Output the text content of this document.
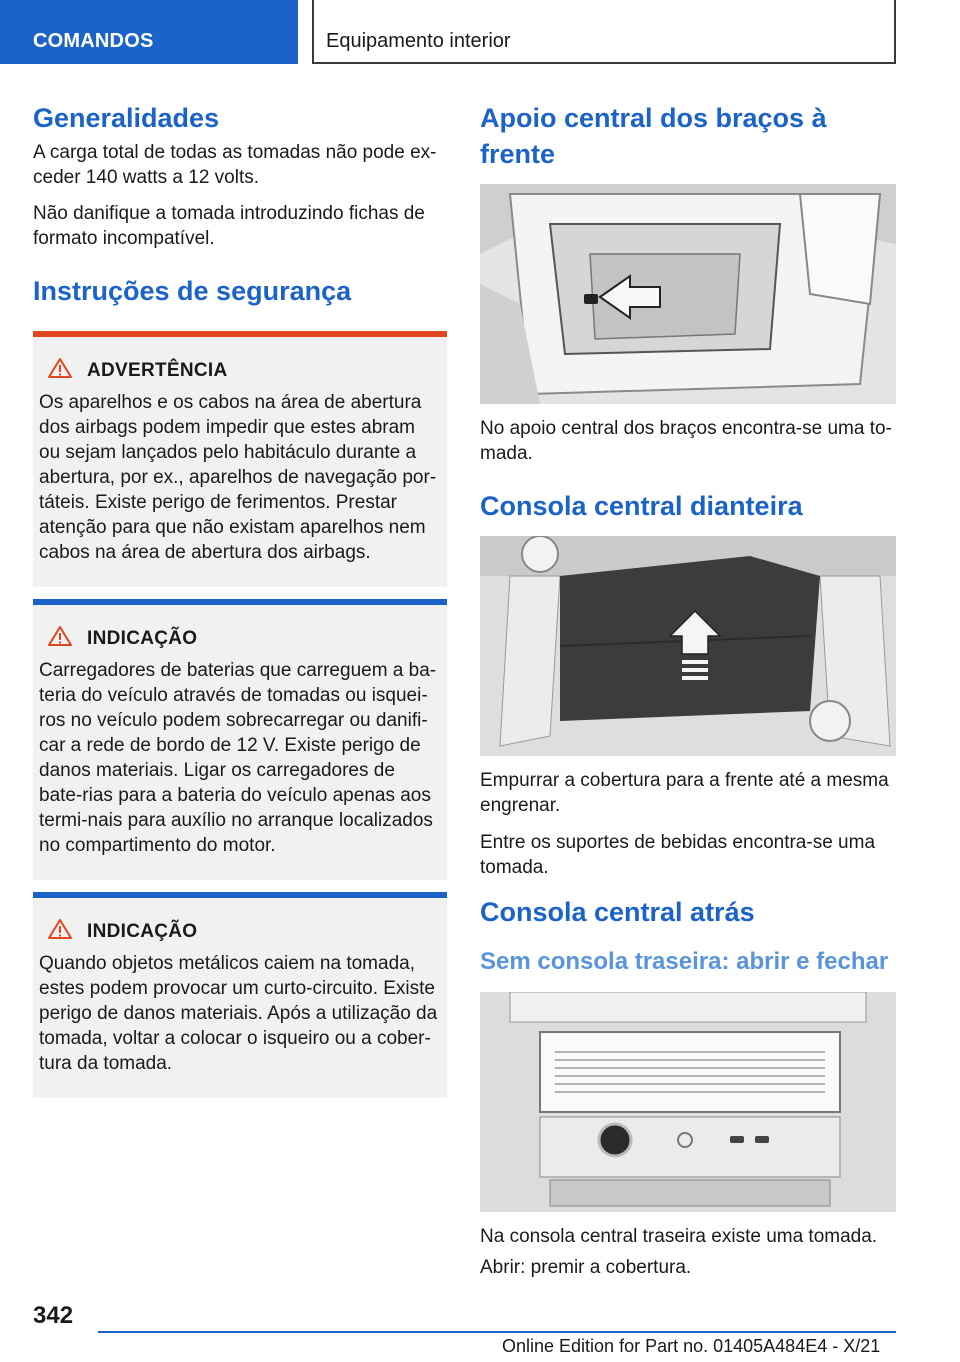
COMANDOS	Equipamento interior
Generalidades

A carga total de todas as tomadas não pode ex-ceder 140 watts a 12 volts.

Não danifique a tomada introduzindo fichas de formato incompatível.

Instruções de segurança
ADVERTÊNCIA

Os aparelhos e os cabos na área de abertura dos airbags podem impedir que estes abram ou sejam lançados pelo habitáculo durante a abertura, por ex., aparelhos de navegação por-táteis. Existe perigo de ferimentos. Prestar atenção para que não existam aparelhos nem cabos na área de abertura dos airbags.

INDICAÇÃO

Carregadores de baterias que carreguem a ba-teria do veículo através de tomadas ou isquei-ros no veículo podem sobrecarregar ou danifi-car a rede de bordo de 12 V. Existe perigo de danos materiais. Ligar os carregadores de bate-rias para a bateria do veículo apenas aos termi-nais para auxílio no arranque localizados no compartimento do motor.

INDICAÇÃO

Quando objetos metálicos caiem na tomada, estes podem provocar um curto-circuito. Existe perigo de danos materiais. Após a utilização da tomada, voltar a colocar o isqueiro ou a cober-tura da tomada.

Apoio central dos braços à frente

No apoio central dos braços encontra-se uma to-mada.

Consola central dianteira

Empurrar a cobertura para a frente até a mesma engrenar.

Entre os suportes de bebidas encontra-se uma tomada.

Consola central atrás
Sem consola traseira: abrir e fechar

Na consola central traseira existe uma tomada.

Abrir: premir a cobertura.

342
Online Edition for Part no. 01405A484E4 - X/21
